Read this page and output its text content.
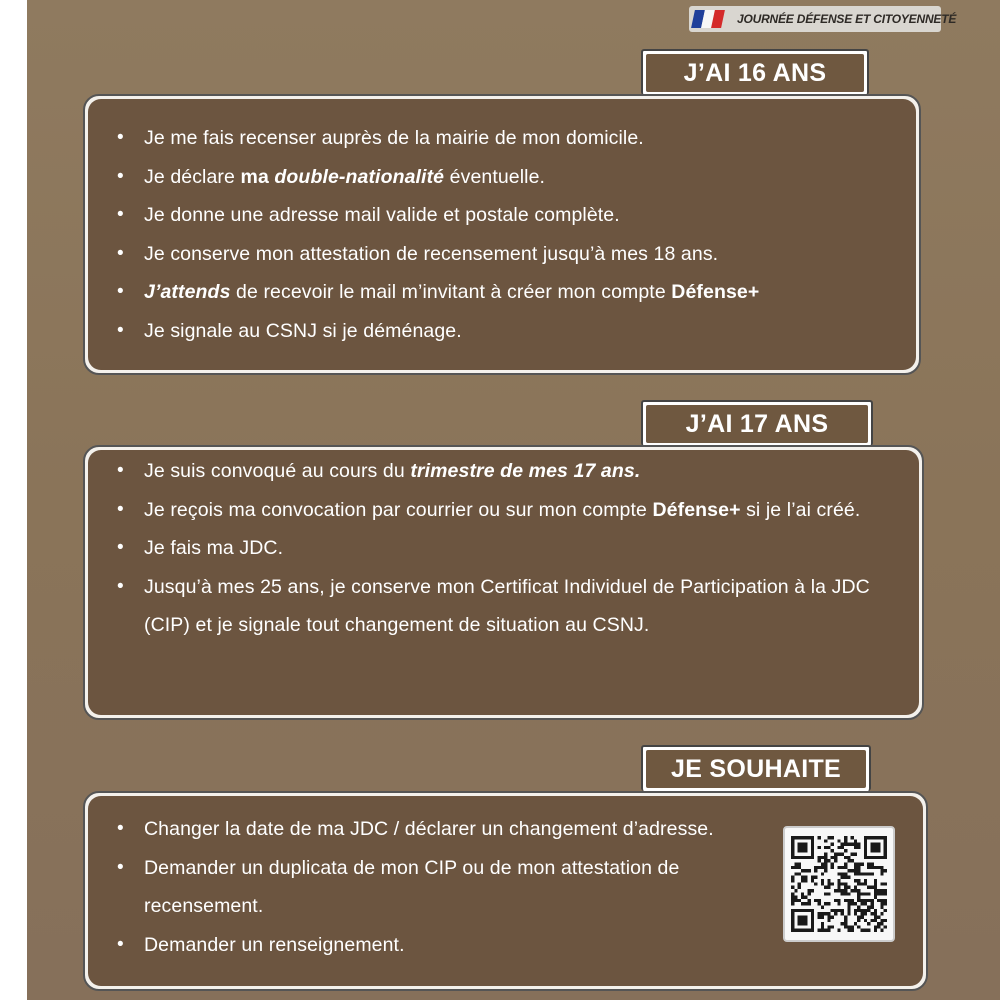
JOURNÉE DÉFENSE ET CITOYENNETÉ
J’AI 16 ANS
• Je me fais recenser auprès de la mairie de mon domicile.
• Je déclare ma double-nationalité éventuelle.
• Je donne une adresse mail valide et postale complète.
• Je conserve mon attestation de recensement jusqu’à mes 18 ans.
• J’attends de recevoir le mail m’invitant à créer mon compte Défense+
• Je signale au CSNJ si je déménage.
J’AI 17 ANS
• Je suis convoqué au cours du trimestre de mes 17 ans.
• Je reçois ma convocation par courrier ou sur mon compte Défense+ si je l’ai créé.
• Je fais ma JDC.
• Jusqu’à mes 25 ans, je conserve mon Certificat Individuel de Participation à la JDC (CIP) et je signale tout changement de situation au CSNJ.
JE SOUHAITE
• Changer la date de ma JDC / déclarer un changement d’adresse.
• Demander un duplicata de mon CIP ou de mon attestation de recensement.
• Demander un renseignement.
